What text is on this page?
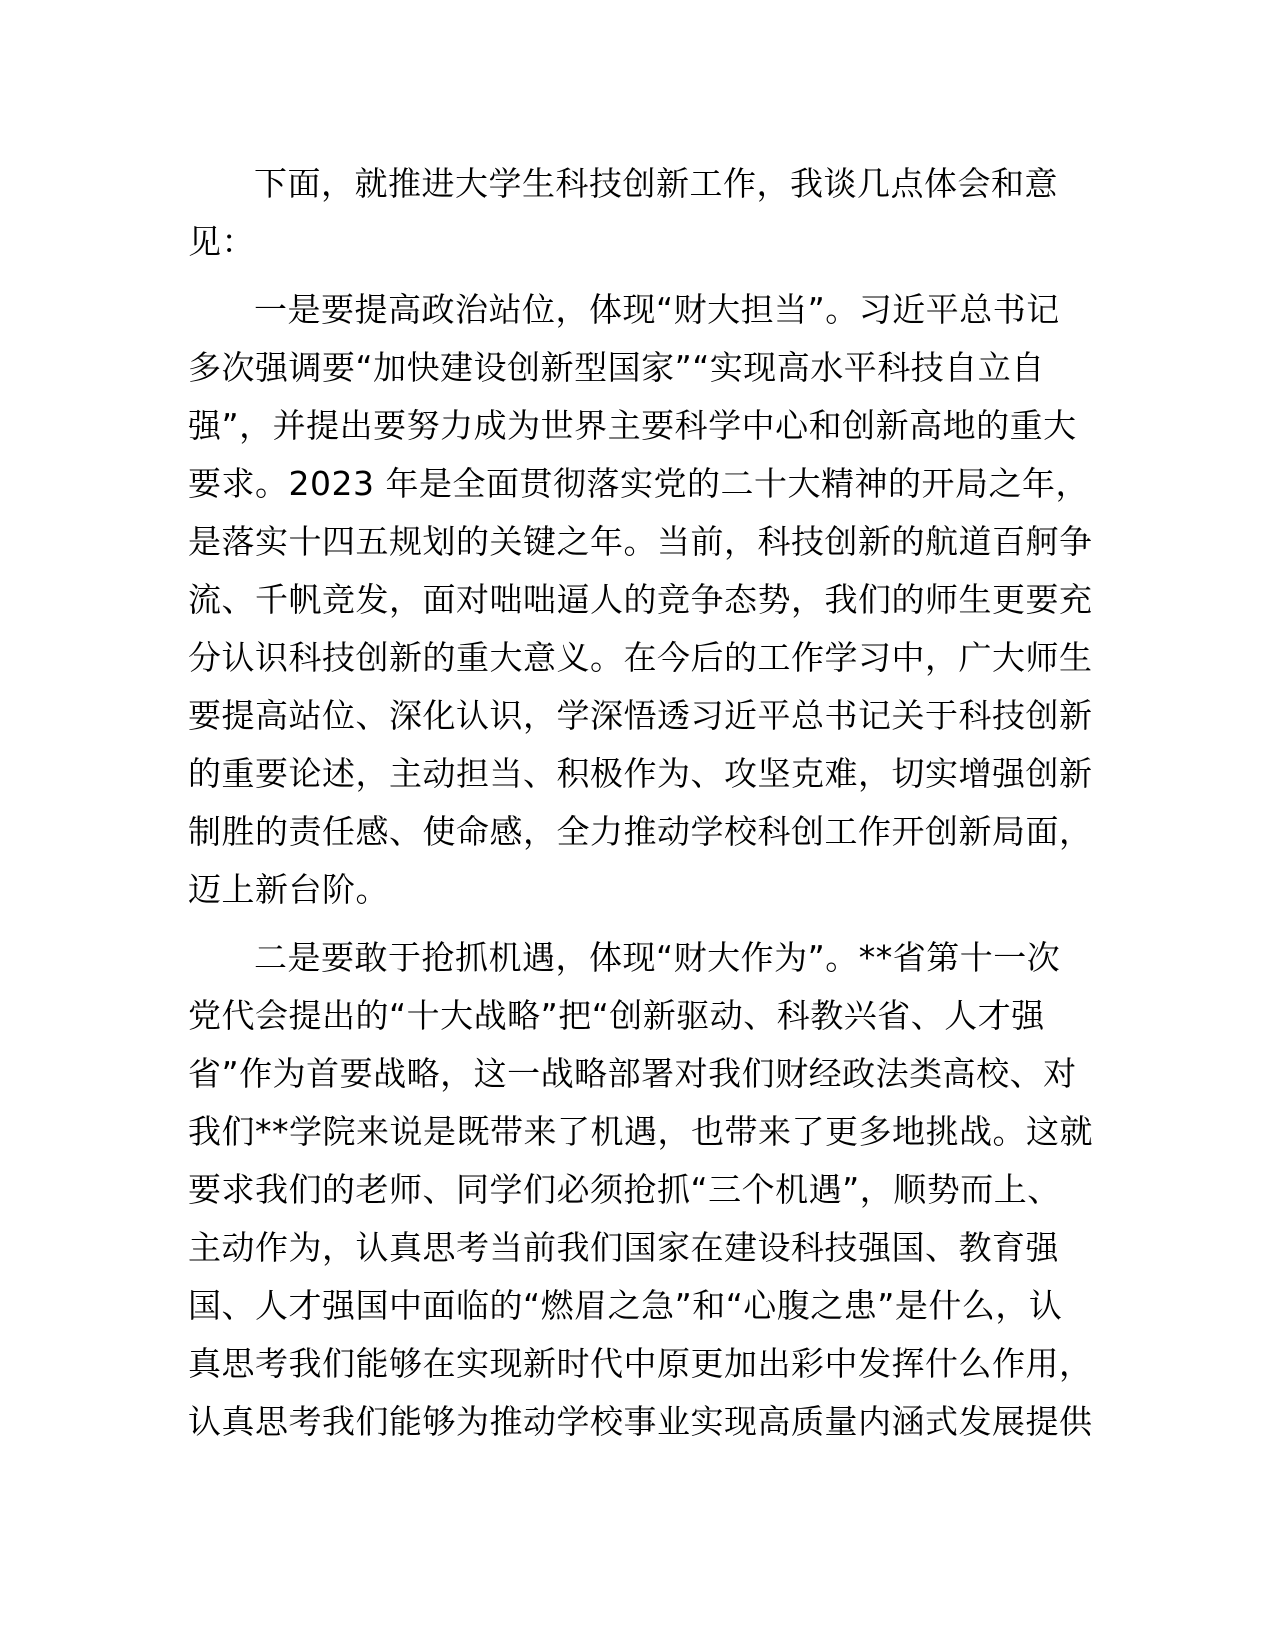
下面，就推进大学生科技创新工作，我谈几点体会和意
见：

一是要提高政治站位，体现“财大担当”。习近平总书记
多次强调要“加快建设创新型国家”“实现高水平科技自立自
强”，并提出要努力成为世界主要科学中心和创新高地的重大
要求。2023 年是全面贯彻落实党的二十大精神的开局之年，
是落实十四五规划的关键之年。当前，科技创新的航道百舸争
流、千帆竞发，面对咄咄逼人的竞争态势，我们的师生更要充
分认识科技创新的重大意义。在今后的工作学习中，广大师生
要提高站位、深化认识，学深悟透习近平总书记关于科技创新
的重要论述，主动担当、积极作为、攻坚克难，切实增强创新
制胜的责任感、使命感，全力推动学校科创工作开创新局面，
迈上新台阶。

二是要敢于抢抓机遇，体现“财大作为”。**省第十一次
党代会提出的“十大战略”把“创新驱动、科教兴省、人才强
省”作为首要战略，这一战略部署对我们财经政法类高校、对
我们**学院来说是既带来了机遇，也带来了更多地挑战。这就
要求我们的老师、同学们必须抢抓“三个机遇”，顺势而上、
主动作为，认真思考当前我们国家在建设科技强国、教育强
国、人才强国中面临的“燃眉之急”和“心腹之患”是什么，认
真思考我们能够在实现新时代中原更加出彩中发挥什么作用，
认真思考我们能够为推动学校事业实现高质量内涵式发展提供
